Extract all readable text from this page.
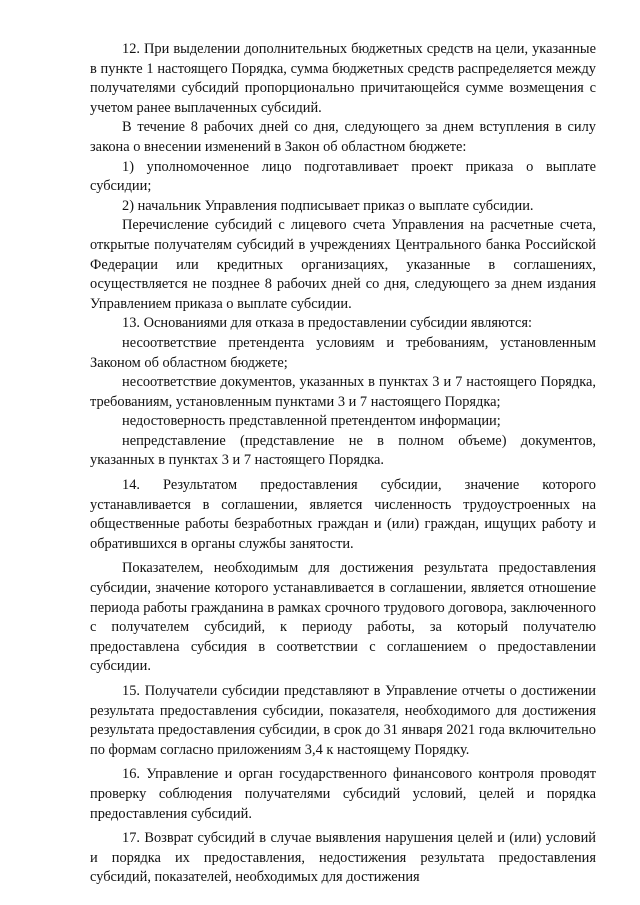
12. При выделении дополнительных бюджетных средств на цели, указанные в пункте 1 настоящего Порядка, сумма бюджетных средств распределяется между получателями субсидий пропорционально причитающейся сумме возмещения с учетом ранее выплаченных субсидий.

В течение 8 рабочих дней со дня, следующего за днем вступления в силу закона о внесении изменений в Закон об областном бюджете:

1) уполномоченное лицо подготавливает проект приказа о выплате субсидии;

2) начальник Управления подписывает приказ о выплате субсидии.

Перечисление субсидий с лицевого счета Управления на расчетные счета, открытые получателям субсидий в учреждениях Центрального банка Российской Федерации или кредитных организациях, указанные в соглашениях, осуществляется не позднее 8 рабочих дней со дня, следующего за днем издания Управлением приказа о выплате субсидии.

13. Основаниями для отказа в предоставлении субсидии являются:

несоответствие претендента условиям и требованиям, установленным Законом об областном бюджете;

несоответствие документов, указанных в пунктах 3 и 7 настоящего Порядка, требованиям, установленным пунктами 3 и 7 настоящего Порядка;

недостоверность представленной претендентом информации;

непредставление (представление не в полном объеме) документов, указанных в пунктах 3 и 7 настоящего Порядка.

14. Результатом предоставления субсидии, значение которого устанавливается в соглашении, является численность трудоустроенных на общественные работы безработных граждан и (или) граждан, ищущих работу и обратившихся в органы службы занятости.

Показателем, необходимым для достижения результата предоставления субсидии, значение которого устанавливается в соглашении, является отношение периода работы гражданина в рамках срочного трудового договора, заключенного с получателем субсидий, к периоду работы, за который получателю предоставлена субсидия в соответствии с соглашением о предоставлении субсидии.

15. Получатели субсидии представляют в Управление отчеты о достижении результата предоставления субсидии, показателя, необходимого для достижения результата предоставления субсидии, в срок до 31 января 2021 года включительно по формам согласно приложениям 3,4 к настоящему Порядку.

16. Управление и орган государственного финансового контроля проводят проверку соблюдения получателями субсидий условий, целей и порядка предоставления субсидий.

17. Возврат субсидий в случае выявления нарушения целей и (или) условий и порядка их предоставления, недостижения результата предоставления субсидий, показателей, необходимых для достижения
